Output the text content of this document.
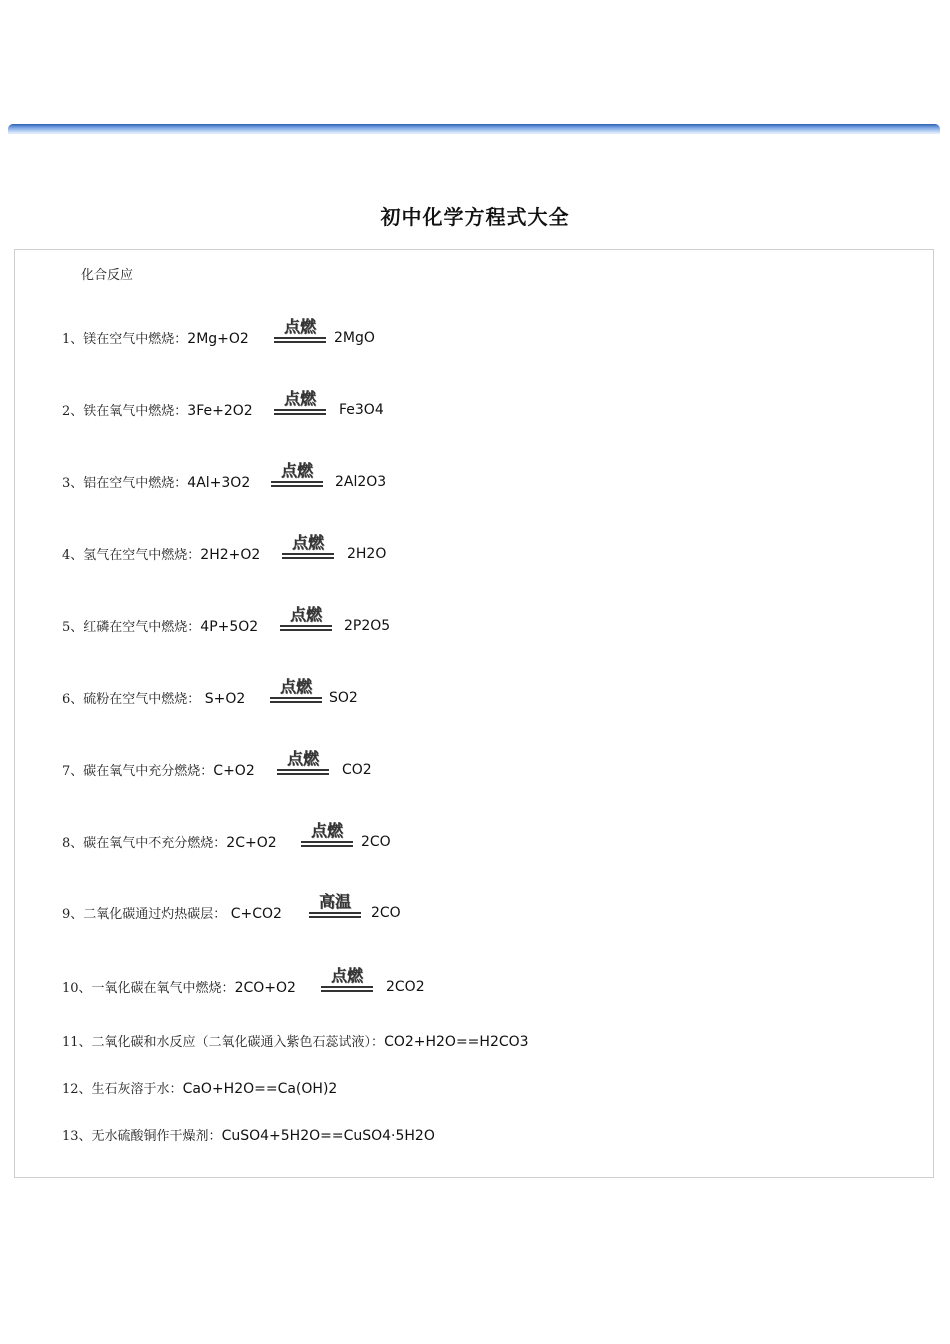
初中化学方程式大全
化合反应
1、镁在空气中燃烧：2Mg+O2
点燃
2MgO
2、铁在氧气中燃烧：3Fe+2O2
点燃
Fe3O4
3、铝在空气中燃烧：4Al+3O2
点燃
2Al2O3
4、氢气在空气中燃烧：2H2+O2
点燃
2H2O
5、红磷在空气中燃烧：4P+5O2
点燃
2P2O5
6、硫粉在空气中燃烧： S+O2
点燃
SO2
7、碳在氧气中充分燃烧：C+O2
点燃
CO2
8、碳在氧气中不充分燃烧：2C+O2
点燃
2CO
9、二氧化碳通过灼热碳层： C+CO2
高温
2CO
10、一氧化碳在氧气中燃烧：2CO+O2
点燃
2CO2
11、二氧化碳和水反应（二氧化碳通入紫色石蕊试液）：CO2+H2O==H2CO3
12、生石灰溶于水：CaO+H2O==Ca(OH)2
13、无水硫酸铜作干燥剂：CuSO4+5H2O==CuSO4·5H2O
